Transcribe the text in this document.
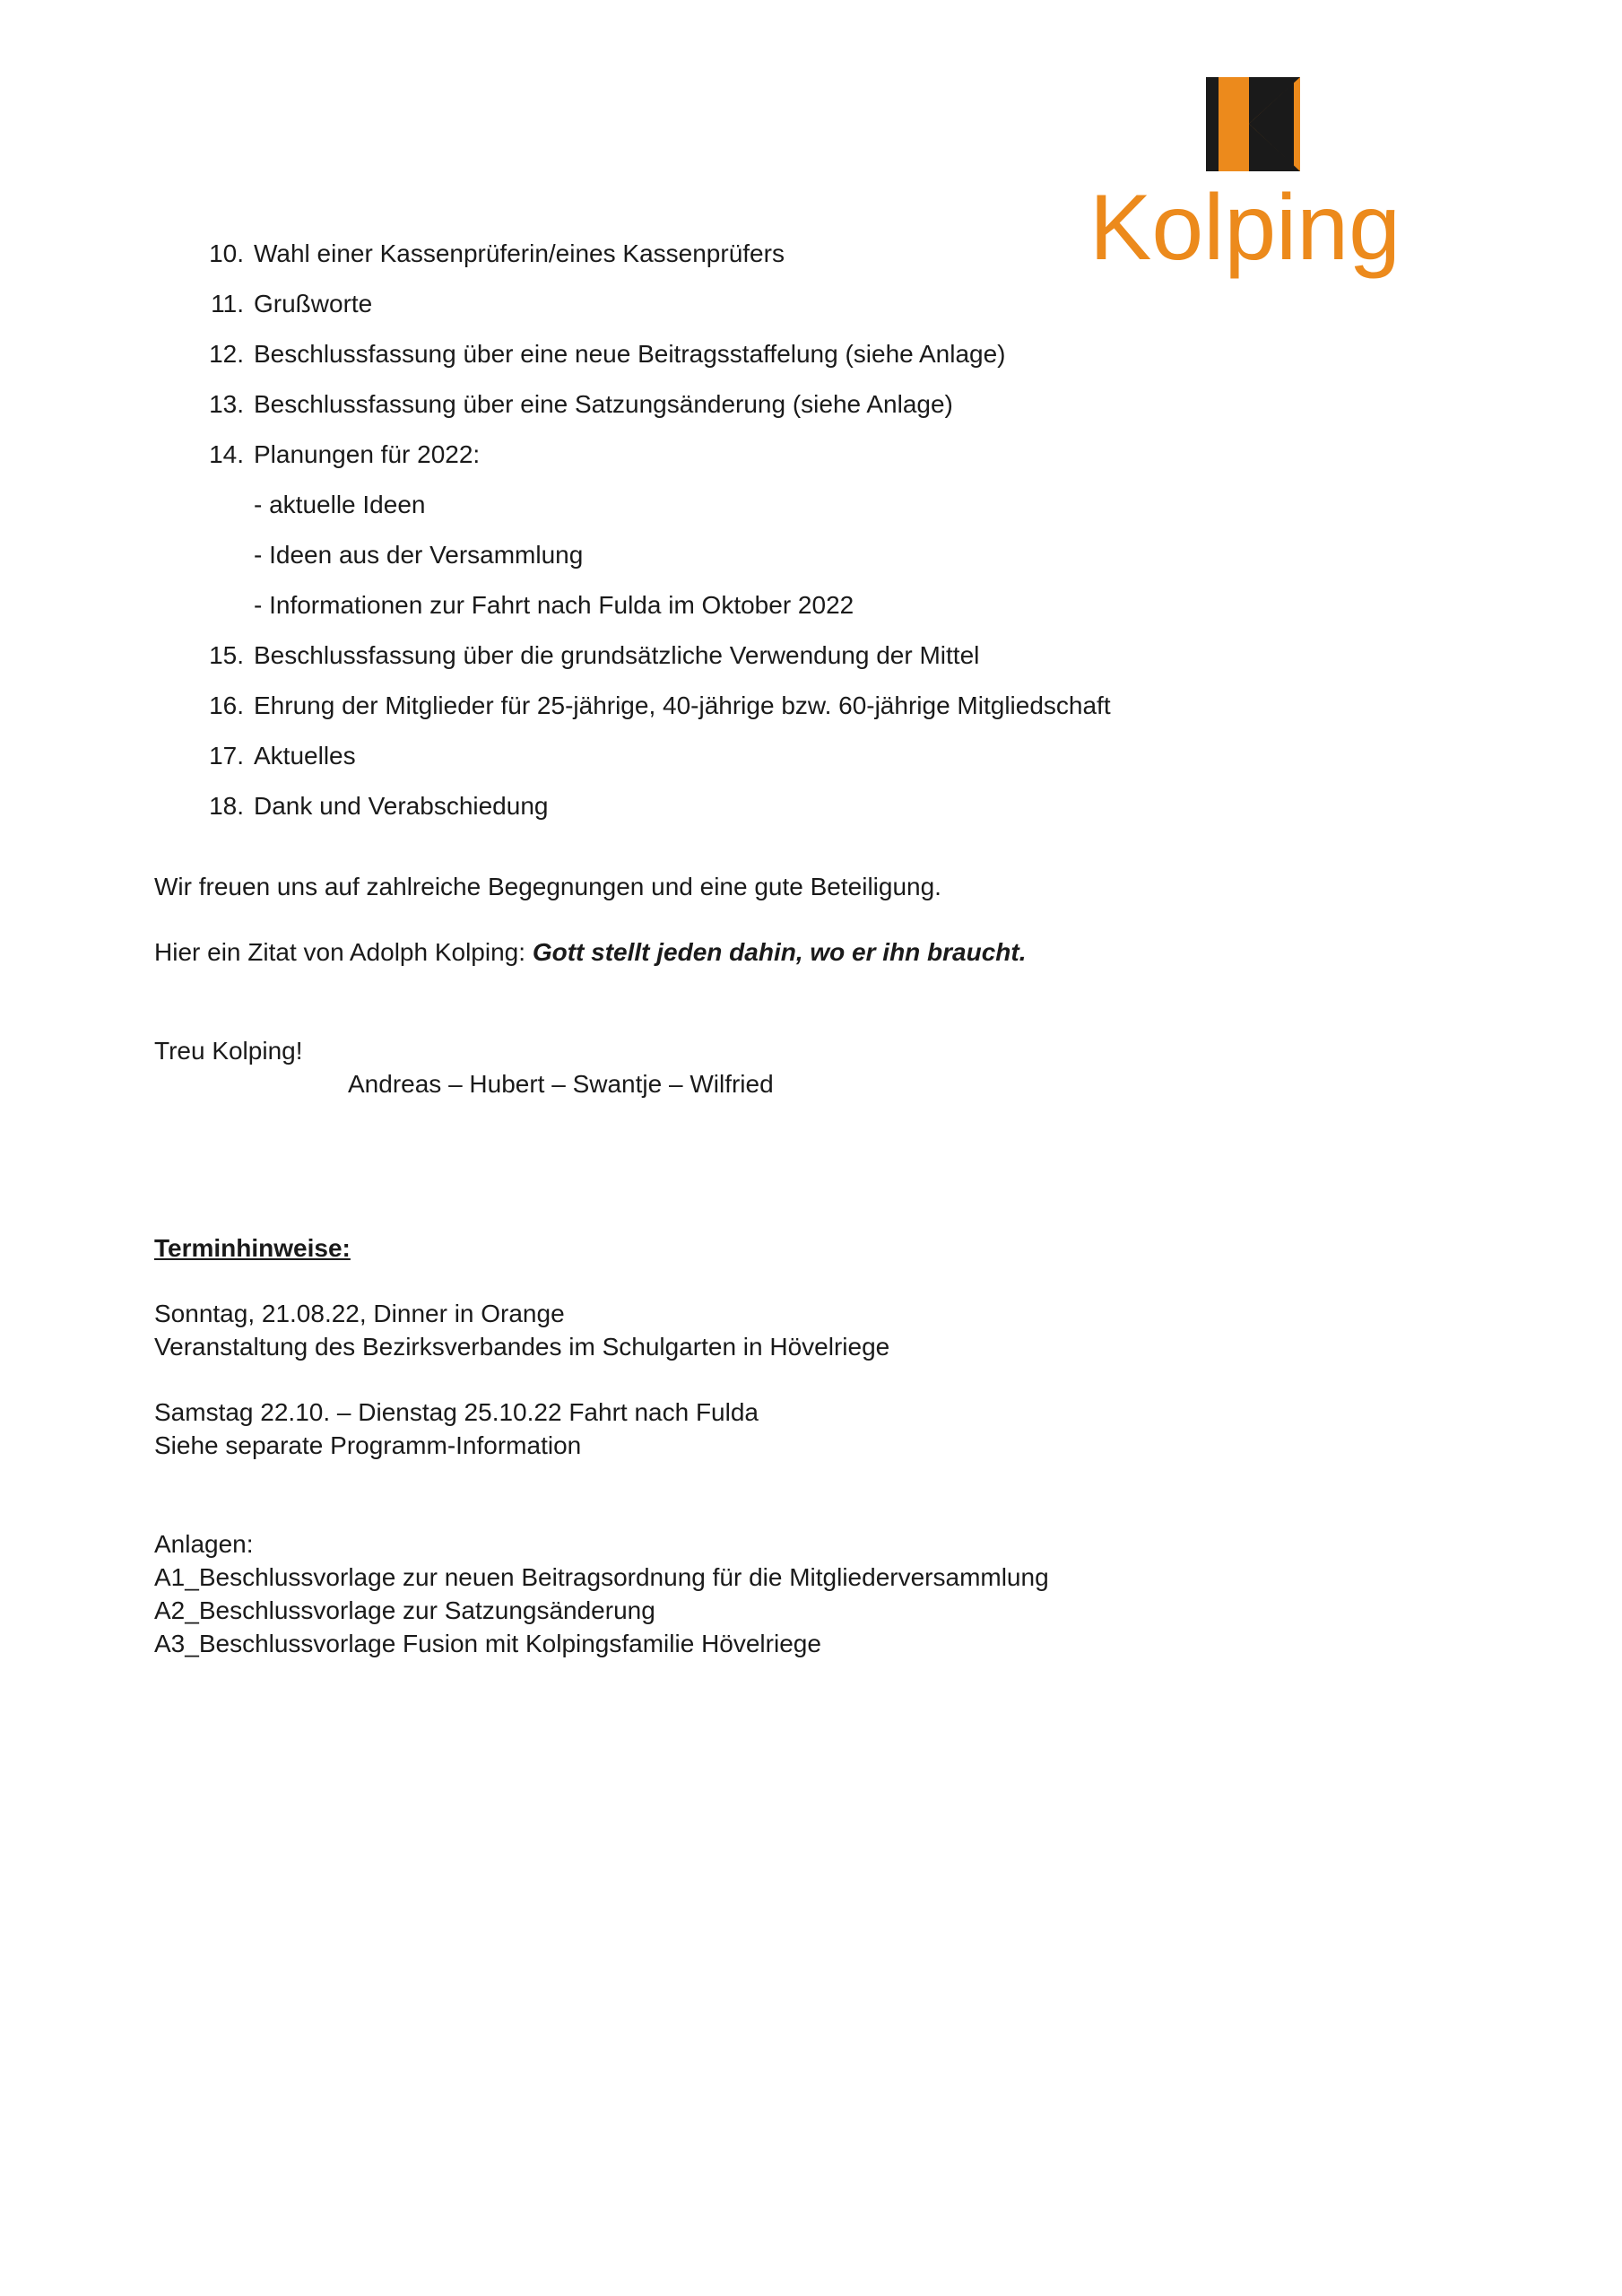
Kolping
10. Wahl einer Kassenprüferin/eines Kassenprüfers
11. Grußworte
12. Beschlussfassung über eine neue Beitragsstaffelung (siehe Anlage)
13. Beschlussfassung über eine Satzungsänderung (siehe Anlage)
14. Planungen für 2022:
- aktuelle Ideen
- Ideen aus der Versammlung
- Informationen zur Fahrt nach Fulda im Oktober 2022
15. Beschlussfassung über die grundsätzliche Verwendung der Mittel
16. Ehrung der Mitglieder für 25-jährige, 40-jährige bzw. 60-jährige Mitgliedschaft
17. Aktuelles
18. Dank und Verabschiedung
Wir freuen uns auf zahlreiche Begegnungen und eine gute Beteiligung.
Hier ein Zitat von Adolph Kolping: Gott stellt jeden dahin, wo er ihn braucht.
Treu Kolping!
Andreas – Hubert – Swantje – Wilfried
Terminhinweise:
Sonntag, 21.08.22, Dinner in Orange
Veranstaltung des Bezirksverbandes im Schulgarten in Hövelriege
Samstag 22.10. – Dienstag 25.10.22 Fahrt nach Fulda
Siehe separate Programm-Information
Anlagen:
A1_Beschlussvorlage zur neuen Beitragsordnung für die Mitgliederversammlung
A2_Beschlussvorlage zur Satzungsänderung
A3_Beschlussvorlage Fusion mit Kolpingsfamilie Hövelriege
